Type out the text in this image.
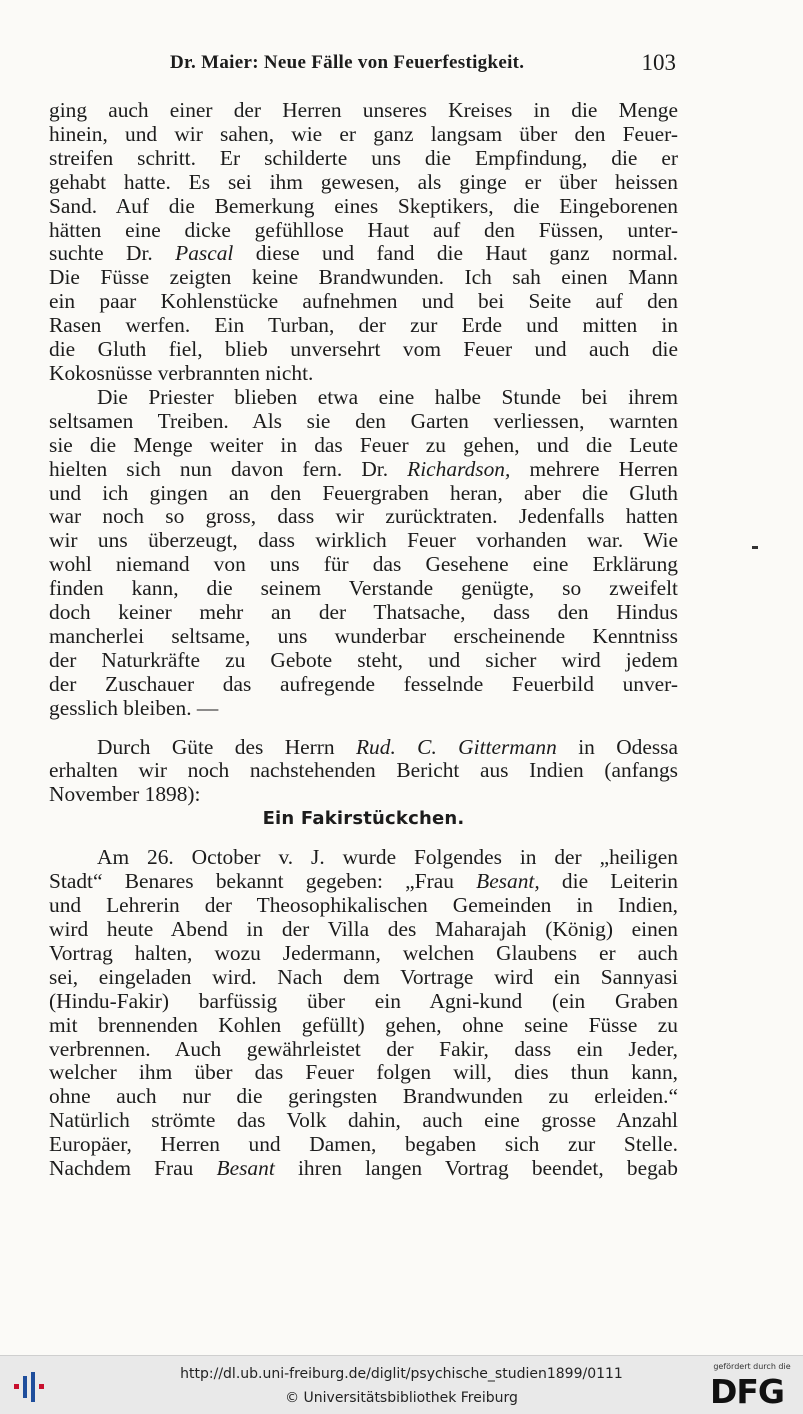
Dr. Maier: Neue Fälle von Feuerfestigkeit.	103

ging auch einer der Herren unseres Kreises in die Menge
hinein, und wir sahen, wie er ganz langsam über den Feuer-
streifen schritt. Er schilderte uns die Empfindung, die er
gehabt hatte. Es sei ihm gewesen, als ginge er über heissen
Sand. Auf die Bemerkung eines Skeptikers, die Eingeborenen
hätten eine dicke gefühllose Haut auf den Füssen, unter-
suchte Dr. Pascal diese und fand die Haut ganz normal.
Die Füsse zeigten keine Brandwunden. Ich sah einen Mann
ein paar Kohlenstücke aufnehmen und bei Seite auf den
Rasen werfen. Ein Turban, der zur Erde und mitten in
die Gluth fiel, blieb unversehrt vom Feuer und auch die
Kokosnüsse verbrannten nicht.

Die Priester blieben etwa eine halbe Stunde bei ihrem
seltsamen Treiben. Als sie den Garten verliessen, warnten
sie die Menge weiter in das Feuer zu gehen, und die Leute
hielten sich nun davon fern. Dr. Richardson, mehrere Herren
und ich gingen an den Feuergraben heran, aber die Gluth
war noch so gross, dass wir zurücktraten. Jedenfalls hatten
wir uns überzeugt, dass wirklich Feuer vorhanden war. Wie
wohl niemand von uns für das Gesehene eine Erklärung
finden kann, die seinem Verstande genügte, so zweifelt
doch keiner mehr an der Thatsache, dass den Hindus
mancherlei seltsame, uns wunderbar erscheinende Kenntniss
der Naturkräfte zu Gebote steht, und sicher wird jedem
der Zuschauer das aufregende fesselnde Feuerbild unver-
gesslich bleiben. —

Durch Güte des Herrn Rud. C. Gittermann in Odessa
erhalten wir noch nachstehenden Bericht aus Indien (anfangs
November 1898):

Ein Fakirstückchen.

Am 26. October v. J. wurde Folgendes in der „heiligen
Stadt“ Benares bekannt gegeben: „Frau Besant, die Leiterin
und Lehrerin der Theosophikalischen Gemeinden in Indien,
wird heute Abend in der Villa des Maharajah (König) einen
Vortrag halten, wozu Jedermann, welchen Glaubens er auch
sei, eingeladen wird. Nach dem Vortrage wird ein Sannyasi
(Hindu-Fakir) barfüssig über ein Agni-kund (ein Graben
mit brennenden Kohlen gefüllt) gehen, ohne seine Füsse zu
verbrennen. Auch gewährleistet der Fakir, dass ein Jeder,
welcher ihm über das Feuer folgen will, dies thun kann,
ohne auch nur die geringsten Brandwunden zu erleiden.“
Natürlich strömte das Volk dahin, auch eine grosse Anzahl
Europäer, Herren und Damen, begaben sich zur Stelle.
Nachdem Frau Besant ihren langen Vortrag beendet, begab

http://dl.ub.uni-freiburg.de/diglit/psychische_studien1899/0111
© Universitätsbibliothek Freiburg
gefördert durch die
DFG
